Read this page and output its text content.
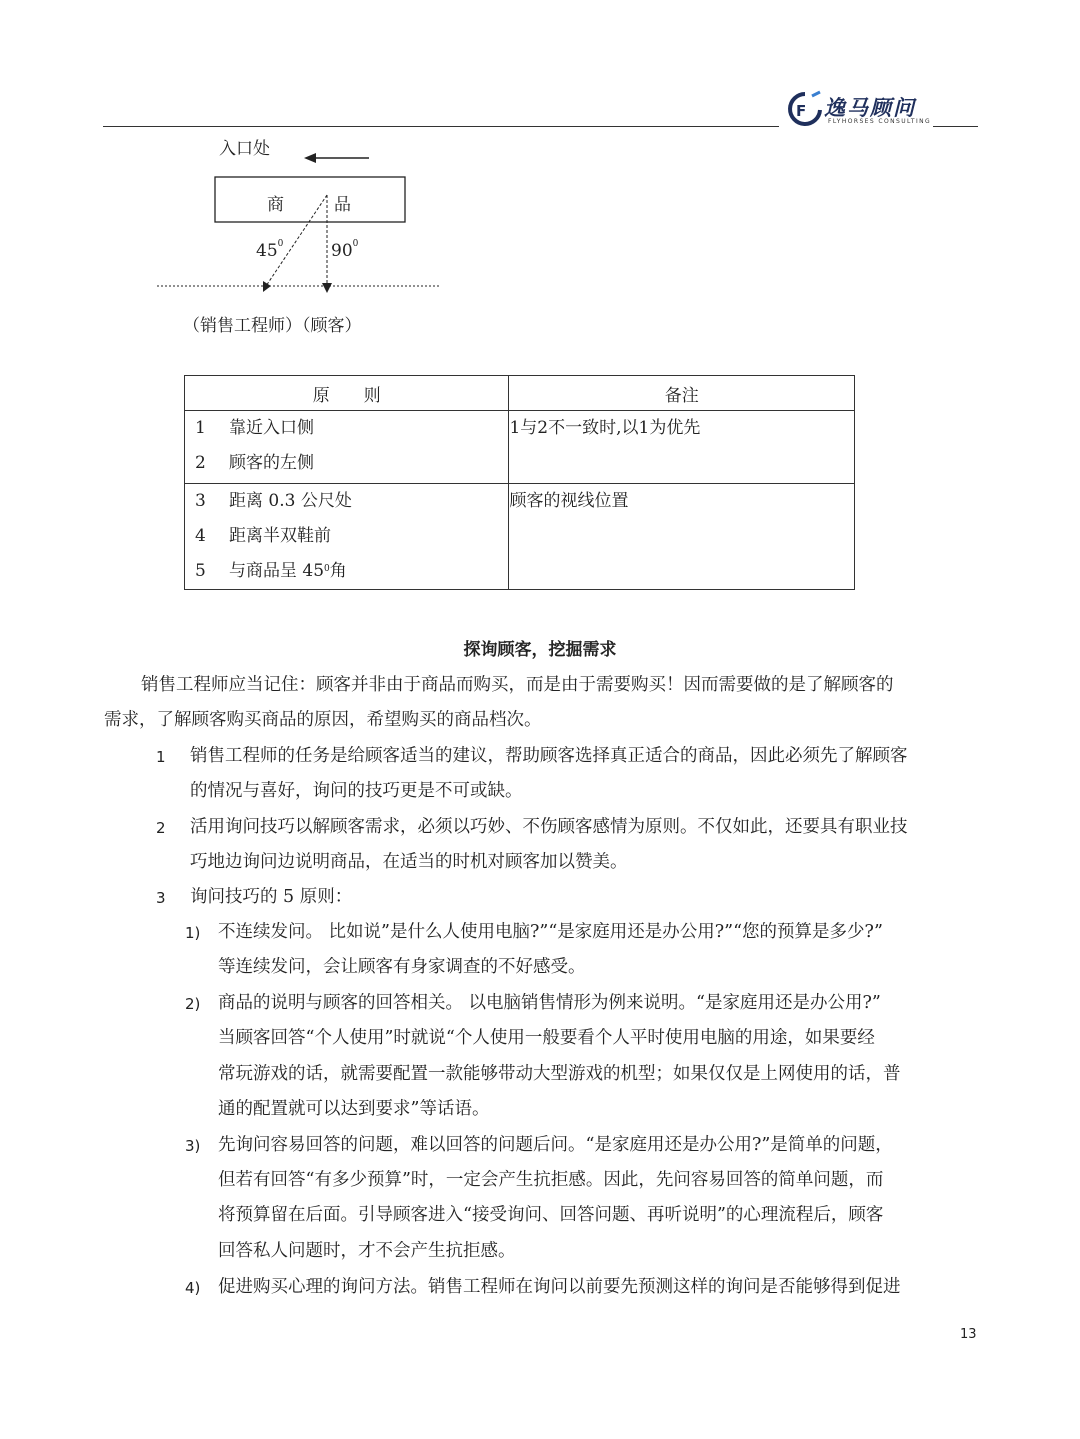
F 逸马顾问
FLYHORSES CONSULTING
入口处
商	品
$45^0$	$90^0$
（销售工程师）（顾客）
原　　则	备注

1 靠近入口侧
2 顾客的左侧	1与2不一致时,以1为优先

3 距离 0.3 公尺处
4 距离半双鞋前
5 与商品呈 $45^0$角	顾客的视线位置
探询顾客，挖掘需求
销售工程师应当记住：顾客并非由于商品而购买，而是由于需要购买！因而需要做的是了解顾客的
需求，了解顾客购买商品的原因，希望购买的商品档次。
1 销售工程师的任务是给顾客适当的建议，帮助顾客选择真正适合的商品，因此必须先了解顾客
的情况与喜好，询问的技巧更是不可或缺。
2 活用询问技巧以解顾客需求，必须以巧妙、不伤顾客感情为原则。不仅如此，还要具有职业技
巧地边询问边说明商品，在适当的时机对顾客加以赞美。
3 询问技巧的 5 原则：
1) 不连续发问。 比如说”是什么人使用电脑?”“是家庭用还是办公用?”“您的预算是多少?”
等连续发问，会让顾客有身家调查的不好感受。
2) 商品的说明与顾客的回答相关。 以电脑销售情形为例来说明。“是家庭用还是办公用?”
当顾客回答“个人使用”时就说“个人使用一般要看个人平时使用电脑的用途，如果要经
常玩游戏的话，就需要配置一款能够带动大型游戏的机型；如果仅仅是上网使用的话，普
通的配置就可以达到要求”等话语。
3) 先询问容易回答的问题，难以回答的问题后问。“是家庭用还是办公用?”是简单的问题，
但若有回答“有多少预算”时，一定会产生抗拒感。因此，先问容易回答的简单问题，而
将预算留在后面。引导顾客进入“接受询问、回答问题、再听说明”的心理流程后，顾客
回答私人问题时，才不会产生抗拒感。
4) 促进购买心理的询问方法。销售工程师在询问以前要先预测这样的询问是否能够得到促进
13
